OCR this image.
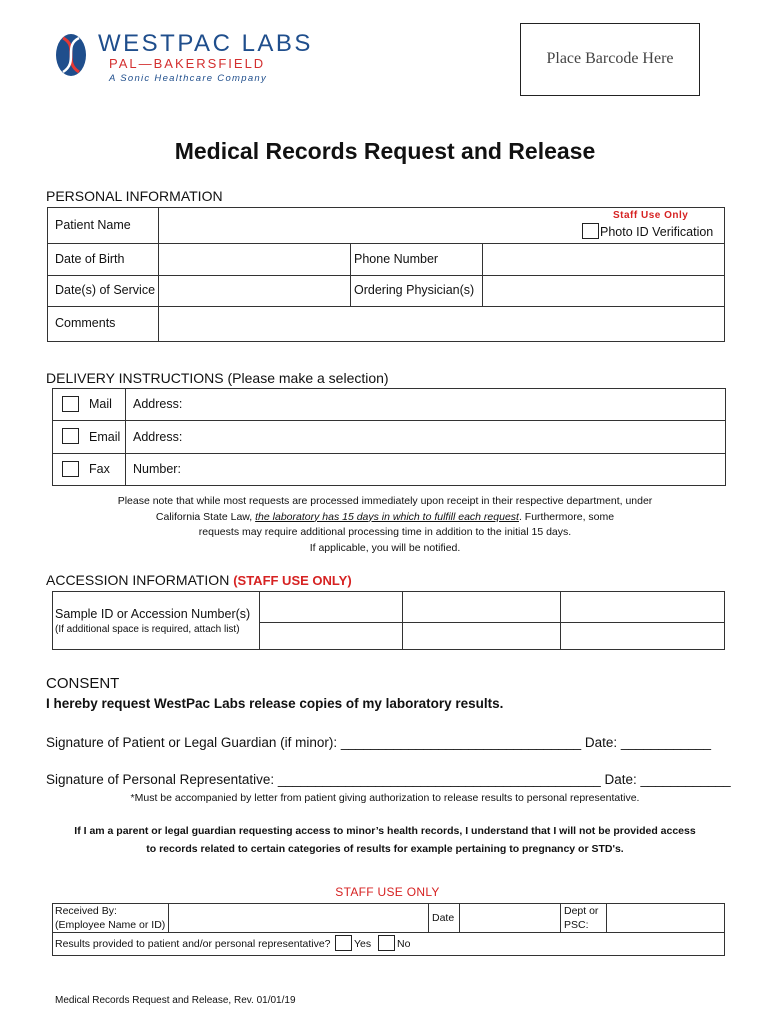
WESTPAC LABS
PAL—BAKERSFIELD
A Sonic Healthcare Company
Place Barcode Here
Medical Records Request and Release
PERSONAL INFORMATION
Patient Name
Staff Use Only
Photo ID Verification
Date of Birth	Phone Number
Date(s) of Service	Ordering Physician(s)
Comments
DELIVERY INSTRUCTIONS (Please make a selection)
Mail Address:
Email Address:
Fax Number:
Please note that while most requests are processed immediately upon receipt in their respective department, under
California State Law, the laboratory has 15 days in which to fulfill each request. Furthermore, some
requests may require additional processing time in addition to the initial 15 days.
If applicable, you will be notified.
ACCESSION INFORMATION (STAFF USE ONLY)
Sample ID or Accession Number(s)
(If additional space is required, attach list)
CONSENT
I hereby request WestPac Labs release copies of my laboratory results.
Signature of Patient or Legal Guardian (if minor): ________________________________ Date: ____________
Signature of Personal Representative: ___________________________________________ Date: ____________
*Must be accompanied by letter from patient giving authorization to release results to personal representative.
If I am a parent or legal guardian requesting access to minor’s health records, I understand that I will not be provided access
to records related to certain categories of results for example pertaining to pregnancy or STD's.
STAFF USE ONLY
Received By:
(Employee Name or ID)
Date
Dept or
PSC:
Results provided to patient and/or personal representative? Yes No
Medical Records Request and Release, Rev. 01/01/19
